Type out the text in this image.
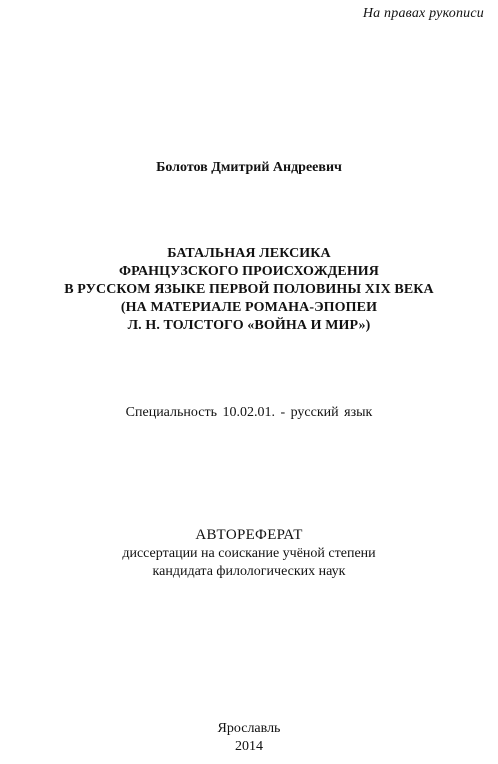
На правах рукописи
Болотов Дмитрий Андреевич
БАТАЛЬНАЯ ЛЕКСИКА
ФРАНЦУЗСКОГО ПРОИСХОЖДЕНИЯ
В РУССКОМ ЯЗЫКЕ ПЕРВОЙ ПОЛОВИНЫ XIX ВЕКА
(НА МАТЕРИАЛЕ РОМАНА-ЭПОПЕИ
Л. Н. ТОЛСТОГО «ВОЙНА И МИР»)
Специальность 10.02.01. - русский язык
АВТОРЕФЕРАТ
диссертации на соискание учёной степени
кандидата филологических наук
Ярославль
2014
